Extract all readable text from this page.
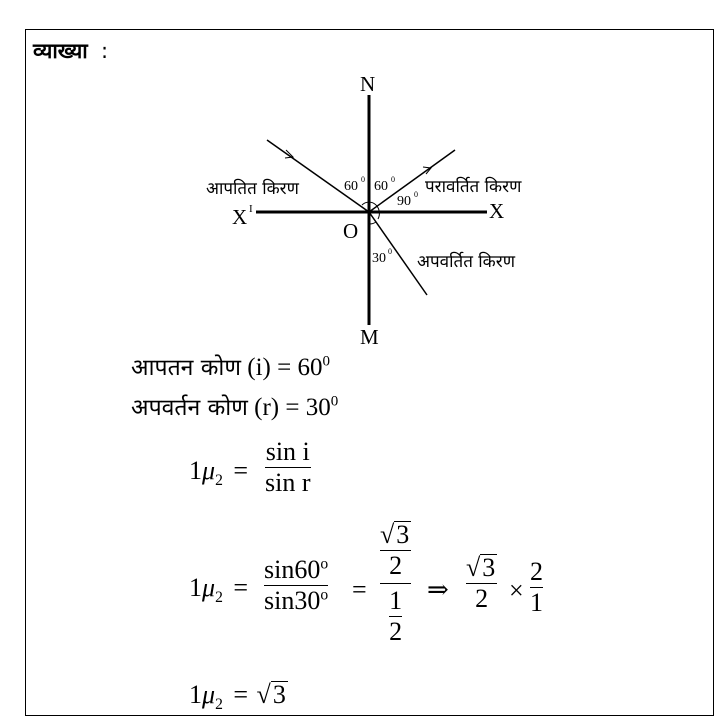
व्याख्या :
N
M
X
X I
O
60 0 60 0
90 0
30 0
आपतित किरण	परावर्तित किरण
अपवर्तित किरण
आपतन कोण $(i) = 60^0$
अपवर्तन कोण $(r) = 30^0$
$1\mu_2$ =
sin i
sin r
$1\mu_2$ =
$\sin 60^o$
$\sin 30^o$ =
√3
2
1
2
⇒
√3
2 ×
2
1
$1\mu_2 = √3$
